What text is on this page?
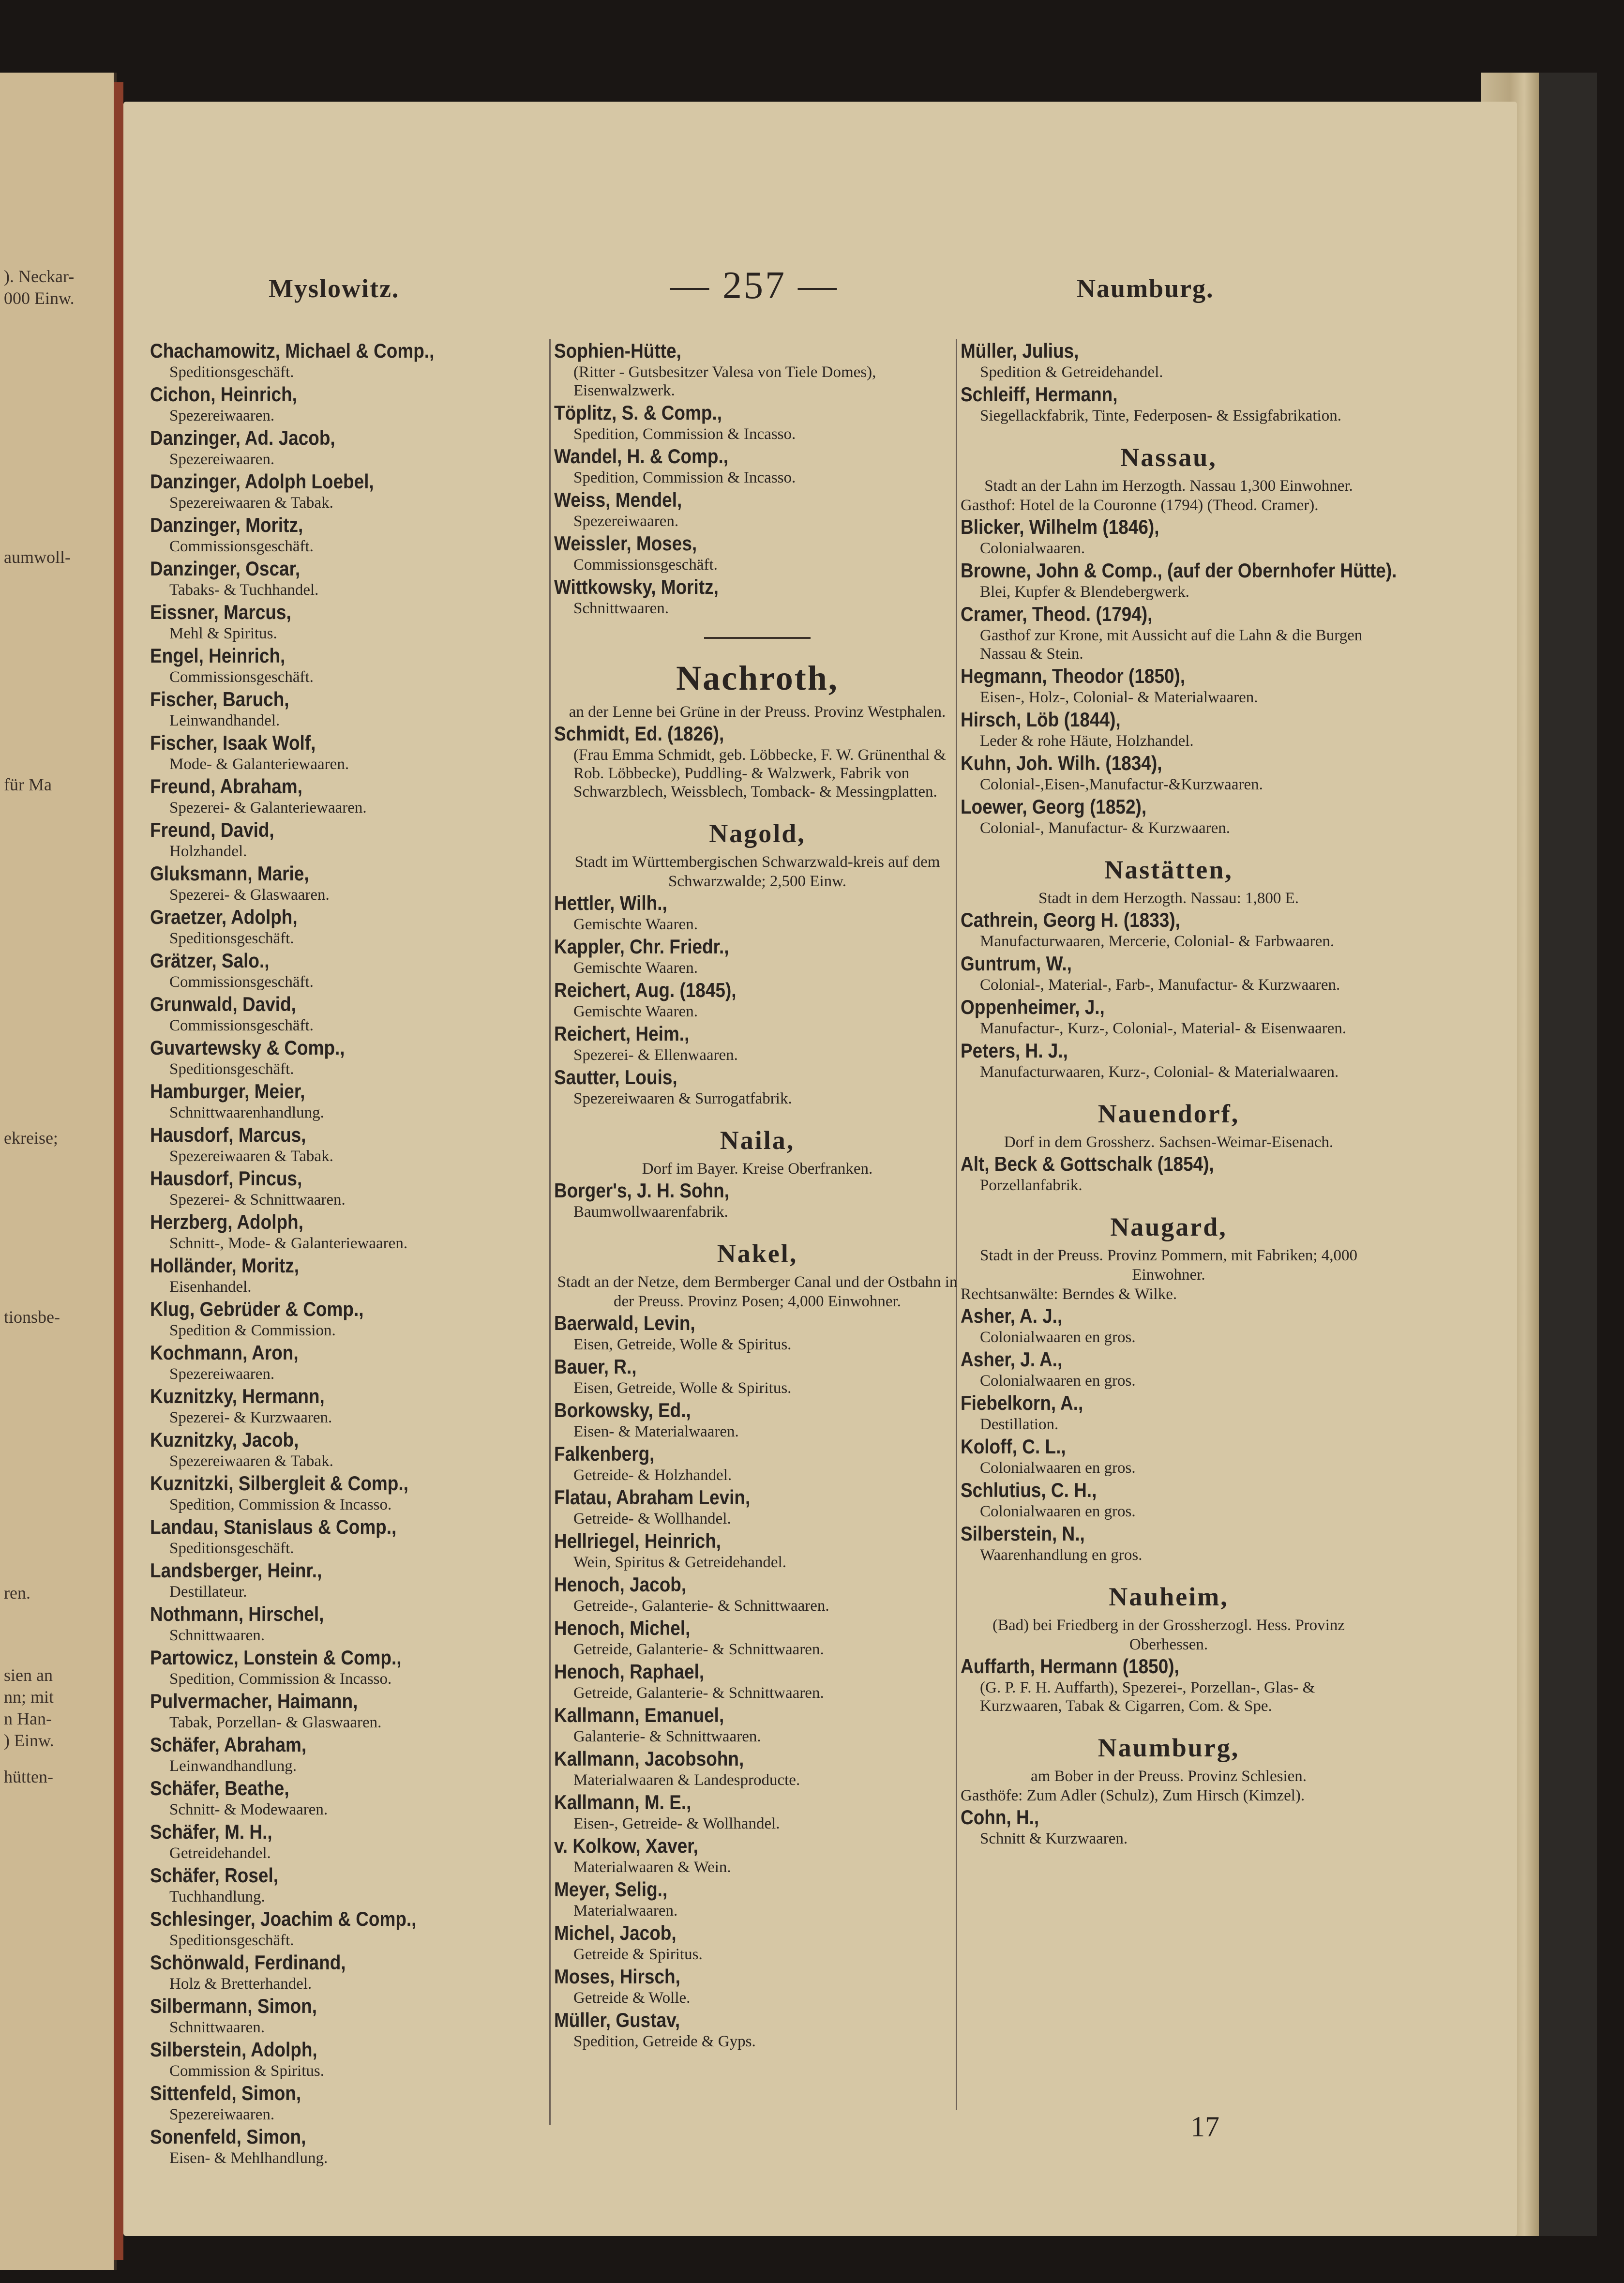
). Neckar-
000 Einw.
aumwoll-
für Ma
ekreise;
tionsbe-
ren.
sien an
nn; mit
n Han-
) Einw.
hütten-
Myslowitz.	— 257 —	Naumburg.
Chachamowitz, Michael & Comp.,
Speditionsgeschäft.
Cichon, Heinrich,
Spezereiwaaren.
Danzinger, Ad. Jacob,
Spezereiwaaren.
Danzinger, Adolph Loebel,
Spezereiwaaren & Tabak.
Danzinger, Moritz,
Commissionsgeschäft.
Danzinger, Oscar,
Tabaks- & Tuchhandel.
Eissner, Marcus,
Mehl & Spiritus.
Engel, Heinrich,
Commissionsgeschäft.
Fischer, Baruch,
Leinwandhandel.
Fischer, Isaak Wolf,
Mode- & Galanteriewaaren.
Freund, Abraham,
Spezerei- & Galanteriewaaren.
Freund, David,
Holzhandel.
Gluksmann, Marie,
Spezerei- & Glaswaaren.
Graetzer, Adolph,
Speditionsgeschäft.
Grätzer, Salo.,
Commissionsgeschäft.
Grunwald, David,
Commissionsgeschäft.
Guvartewsky & Comp.,
Speditionsgeschäft.
Hamburger, Meier,
Schnittwaarenhandlung.
Hausdorf, Marcus,
Spezereiwaaren & Tabak.
Hausdorf, Pincus,
Spezerei- & Schnittwaaren.
Herzberg, Adolph,
Schnitt-, Mode- & Galanteriewaaren.
Holländer, Moritz,
Eisenhandel.
Klug, Gebrüder & Comp.,
Spedition & Commission.
Kochmann, Aron,
Spezereiwaaren.
Kuznitzky, Hermann,
Spezerei- & Kurzwaaren.
Kuznitzky, Jacob,
Spezereiwaaren & Tabak.
Kuznitzki, Silbergleit & Comp.,
Spedition, Commission & Incasso.
Landau, Stanislaus & Comp.,
Speditionsgeschäft.
Landsberger, Heinr.,
Destillateur.
Nothmann, Hirschel,
Schnittwaaren.
Partowicz, Lonstein & Comp.,
Spedition, Commission & Incasso.
Pulvermacher, Haimann,
Tabak, Porzellan- & Glaswaaren.
Schäfer, Abraham,
Leinwandhandlung.
Schäfer, Beathe,
Schnitt- & Modewaaren.
Schäfer, M. H.,
Getreidehandel.
Schäfer, Rosel,
Tuchhandlung.
Schlesinger, Joachim & Comp.,
Speditionsgeschäft.
Schönwald, Ferdinand,
Holz & Bretterhandel.
Silbermann, Simon,
Schnittwaaren.
Silberstein, Adolph,
Commission & Spiritus.
Sittenfeld, Simon,
Spezereiwaaren.
Sonenfeld, Simon,
Eisen- & Mehlhandlung.
Sophien-Hütte,
(Ritter - Gutsbesitzer Valesa von Tiele Domes), Eisenwalzwerk.
Töplitz, S. & Comp.,
Spedition, Commission & Incasso.
Wandel, H. & Comp.,
Spedition, Commission & Incasso.
Weiss, Mendel,
Spezereiwaaren.
Weissler, Moses,
Commissionsgeschäft.
Wittkowsky, Moritz,
Schnittwaaren.
Nachroth,
an der Lenne bei Grüne in der Preuss. Provinz Westphalen.
Schmidt, Ed. (1826),
(Frau Emma Schmidt, geb. Löbbecke, F. W. Grünenthal & Rob. Löbbecke), Puddling- & Walzwerk, Fabrik von Schwarzblech, Weissblech, Tomback- & Messingplatten.
Nagold,
Stadt im Württembergischen Schwarzwald-kreis auf dem Schwarzwalde; 2,500 Einw.
Hettler, Wilh.,
Gemischte Waaren.
Kappler, Chr. Friedr.,
Gemischte Waaren.
Reichert, Aug. (1845),
Gemischte Waaren.
Reichert, Heim.,
Spezerei- & Ellenwaaren.
Sautter, Louis,
Spezereiwaaren & Surrogatfabrik.
Naila,
Dorf im Bayer. Kreise Oberfranken.
Borger's, J. H. Sohn,
Baumwollwaarenfabrik.
Nakel,
Stadt an der Netze, dem Bermberger Canal und der Ostbahn in der Preuss. Provinz Posen; 4,000 Einwohner.
Baerwald, Levin,
Eisen, Getreide, Wolle & Spiritus.
Bauer, R.,
Eisen, Getreide, Wolle & Spiritus.
Borkowsky, Ed.,
Eisen- & Materialwaaren.
Falkenberg,
Getreide- & Holzhandel.
Flatau, Abraham Levin,
Getreide- & Wollhandel.
Hellriegel, Heinrich,
Wein, Spiritus & Getreidehandel.
Henoch, Jacob,
Getreide-, Galanterie- & Schnittwaaren.
Henoch, Michel,
Getreide, Galanterie- & Schnittwaaren.
Henoch, Raphael,
Getreide, Galanterie- & Schnittwaaren.
Kallmann, Emanuel,
Galanterie- & Schnittwaaren.
Kallmann, Jacobsohn,
Materialwaaren & Landesproducte.
Kallmann, M. E.,
Eisen-, Getreide- & Wollhandel.
v. Kolkow, Xaver,
Materialwaaren & Wein.
Meyer, Selig.,
Materialwaaren.
Michel, Jacob,
Getreide & Spiritus.
Moses, Hirsch,
Getreide & Wolle.
Müller, Gustav,
Spedition, Getreide & Gyps.
Müller, Julius,
Spedition & Getreidehandel.
Schleiff, Hermann,
Siegellackfabrik, Tinte, Federposen- & Essigfabrikation.
Nassau,
Stadt an der Lahn im Herzogth. Nassau 1,300 Einwohner.
Gasthof: Hotel de la Couronne (1794) (Theod. Cramer).
Blicker, Wilhelm (1846),
Colonialwaaren.
Browne, John & Comp., (auf der Obernhofer Hütte).
Blei, Kupfer & Blendebergwerk.
Cramer, Theod. (1794),
Gasthof zur Krone, mit Aussicht auf die Lahn & die Burgen Nassau & Stein.
Hegmann, Theodor (1850),
Eisen-, Holz-, Colonial- & Materialwaaren.
Hirsch, Löb (1844),
Leder & rohe Häute, Holzhandel.
Kuhn, Joh. Wilh. (1834),
Colonial-,Eisen-,Manufactur-&Kurzwaaren.
Loewer, Georg (1852),
Colonial-, Manufactur- & Kurzwaaren.
Nastätten,
Stadt in dem Herzogth. Nassau: 1,800 E.
Cathrein, Georg H. (1833),
Manufacturwaaren, Mercerie, Colonial- & Farbwaaren.
Guntrum, W.,
Colonial-, Material-, Farb-, Manufactur- & Kurzwaaren.
Oppenheimer, J.,
Manufactur-, Kurz-, Colonial-, Material- & Eisenwaaren.
Peters, H. J.,
Manufacturwaaren, Kurz-, Colonial- & Materialwaaren.
Nauendorf,
Dorf in dem Grossherz. Sachsen-Weimar-Eisenach.
Alt, Beck & Gottschalk (1854),
Porzellanfabrik.
Naugard,
Stadt in der Preuss. Provinz Pommern, mit Fabriken; 4,000 Einwohner.
Rechtsanwälte: Berndes & Wilke.
Asher, A. J.,
Colonialwaaren en gros.
Asher, J. A.,
Colonialwaaren en gros.
Fiebelkorn, A.,
Destillation.
Koloff, C. L.,
Colonialwaaren en gros.
Schlutius, C. H.,
Colonialwaaren en gros.
Silberstein, N.,
Waarenhandlung en gros.
Nauheim,
(Bad) bei Friedberg in der Grossherzogl. Hess. Provinz Oberhessen.
Auffarth, Hermann (1850),
(G. P. F. H. Auffarth), Spezerei-, Porzellan-, Glas- & Kurzwaaren, Tabak & Cigarren, Com. & Spe.
Naumburg,
am Bober in der Preuss. Provinz Schlesien.
Gasthöfe: Zum Adler (Schulz), Zum Hirsch (Kimzel).
Cohn, H.,
Schnitt & Kurzwaaren.
17
